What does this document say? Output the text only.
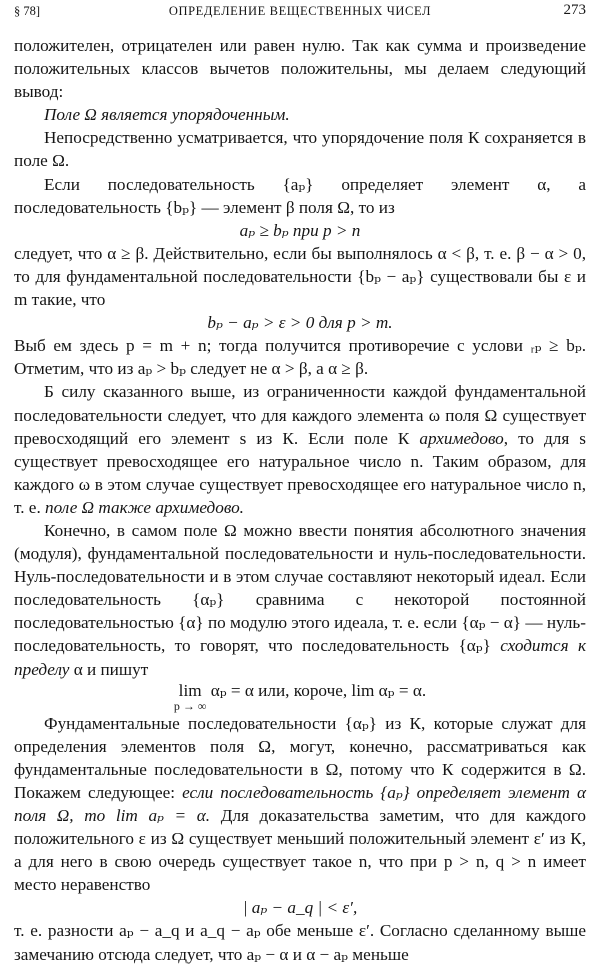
§ 78]	ОПРЕДЕЛЕНИЕ ВЕЩЕСТВЕННЫХ ЧИСЕЛ	273

положителен, отрицателен или равен нулю. Так как сумма и произведение положительных классов вычетов положительны, мы делаем следующий вывод:

Поле Ω является упорядоченным.

Непосредственно усматривается, что упорядочение поля К сохраняется в поле Ω.

Если последовательность {aₚ} определяет элемент α, а последовательность {bₚ} — элемент β поля Ω, то из

aₚ ≥ bₚ при p > n

следует, что α ≥ β. Действительно, если бы выполнялось α < β, т. е. β − α > 0, то для фундаментальной последовательности {bₚ − aₚ} существовали бы ε и m такие, что

bₚ − aₚ > ε > 0 для p > m.

Выб ем здесь p = m + n; тогда получится противоречие с услови ᵣₚ ≥ bₚ. Отметим, что из aₚ > bₚ следует не α > β, а α ≥ β.

Б силу сказанного выше, из ограниченности каждой фундаментальной последовательности следует, что для каждого элемента ω поля Ω существует превосходящий его элемент s из К. Если поле К архимедово, то для s существует превосходящее его натуральное число n. Таким образом, для каждого ω в этом случае существует превосходящее его натуральное число n, т. е. поле Ω также архимедово.

Конечно, в самом поле Ω можно ввести понятия абсолютного значения (модуля), фундаментальной последовательности и нуль-последовательности. Нуль-последовательности и в этом случае составляют некоторый идеал. Если последовательность {αₚ} сравнима с некоторой постоянной последовательностью {α} по модулю этого идеала, т. е. если {αₚ − α} — нуль-последовательность, то говорят, что последовательность {αₚ} сходится к пределу α и пишут

lim
p → ∞
αₚ = α или, короче, lim αₚ = α.

Фундаментальные последовательности {αₚ} из К, которые служат для определения элементов поля Ω, могут, конечно, рассматриваться как фундаментальные последовательности в Ω, потому что К содержится в Ω. Покажем следующее: если последовательность {aₚ} определяет элемент α поля Ω, то lim aₚ = α. Для доказательства заметим, что для каждого положительного ε из Ω существует меньший положительный элемент ε′ из К, а для него в свою очередь существует такое n, что при p > n, q > n имеет место неравенство

| aₚ − a_q | < ε′,

т. е. разности aₚ − a_q и a_q − aₚ обе меньше ε′. Согласно сделанному выше замечанию отсюда следует, что aₚ − α и α − aₚ меньше
